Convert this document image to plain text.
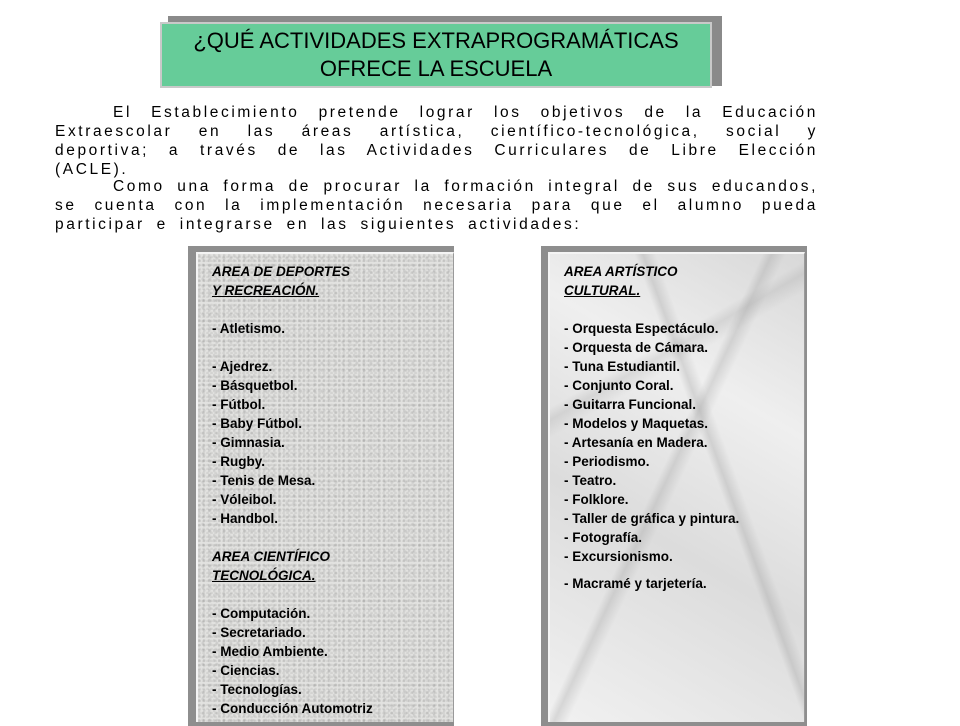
¿QUÉ ACTIVIDADES EXTRAPROGRAMÁTICAS
OFRECE LA ESCUELA
El Establecimiento pretende lograr los objetivos de la Educación Extraescolar en las áreas artística, científico-tecnológica, social y deportiva; a través de las Actividades Curriculares de Libre Elección (ACLE).
Como una forma de procurar la formación integral de sus educandos, se cuenta con la implementación necesaria para que el alumno pueda participar e integrarse en las siguientes actividades:
AREA DE DEPORTES
Y RECREACIÓN.
- Atletismo.
- Ajedrez.
- Básquetbol.
- Fútbol.
- Baby Fútbol.
- Gimnasia.
- Rugby.
- Tenis de Mesa.
- Vóleibol.
- Handbol.
AREA CIENTÍFICO
TECNOLÓGICA.
- Computación.
- Secretariado.
- Medio Ambiente.
- Ciencias.
- Tecnologías.
- Conducción Automotriz
AREA ARTÍSTICO
CULTURAL.
- Orquesta Espectáculo.
- Orquesta de Cámara.
- Tuna Estudiantil.
- Conjunto Coral.
- Guitarra Funcional.
- Modelos y Maquetas.
- Artesanía en Madera.
- Periodismo.
- Teatro.
- Folklore.
- Taller de gráfica y pintura.
- Fotografía.
- Excursionismo.
- Macramé y tarjetería.
